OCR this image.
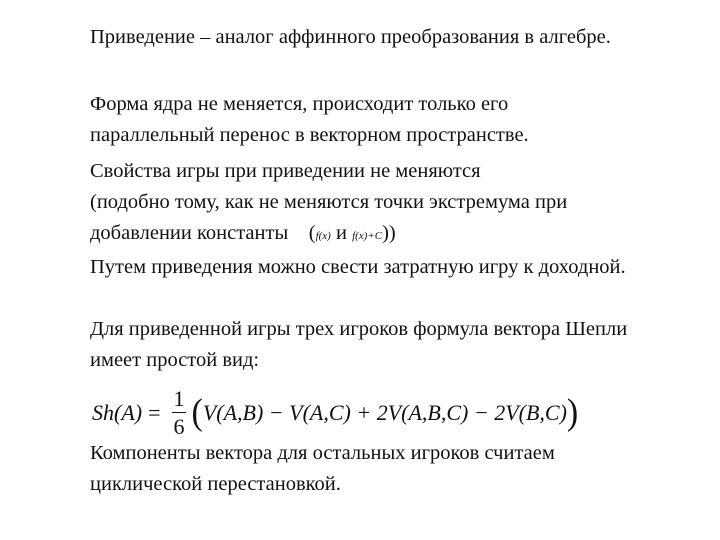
Приведение – аналог аффинного преобразования в алгебре.

Форма ядра не меняется, происходит только его параллельный перенос в векторном пространстве.

Свойства игры при приведении не меняются
(подобно тому, как не меняются точки экстремума при
добавлении константы (f(x) и f(x)+C))
Путем приведения можно свести затратную игру к доходной.

Для приведенной игры трех игроков формула вектора Шепли имеет простой вид:

$Sh(A) = \frac{1}{6}$ ( V(A,B) − V(A,C) + 2V(A,B,C) − 2V(B,C) )

Компоненты вектора для остальных игроков считаем циклической перестановкой.
